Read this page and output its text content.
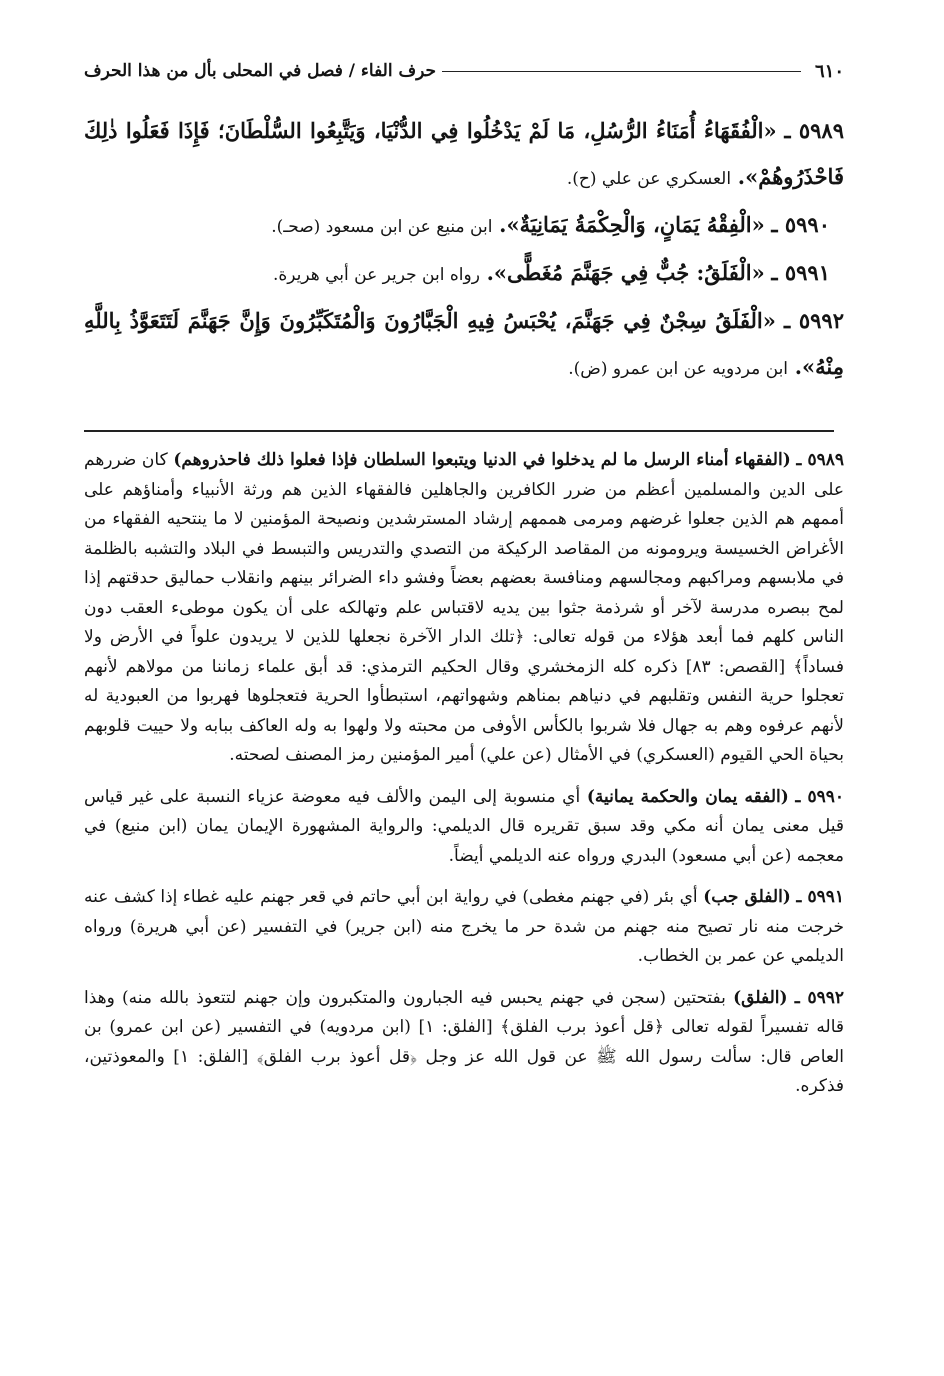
٦١٠
حرف الفاء / فصل في المحلى بأل من هذا الحرف

٥٩٨٩ ـ «الْفُقَهَاءُ أُمَنَاءُ الرُّسُلِ، مَا لَمْ يَدْخُلُوا فِي الدُّنْيَا، وَيَتَّبِعُوا السُّلْطَانَ؛ فَإِذَا فَعَلُوا ذٰلِكَ فَاحْذَرُوهُمْ». العسكري عن علي (ح).

٥٩٩٠ ـ «الْفِقْهُ يَمَانٍ، وَالْحِكْمَةُ يَمَانِيَةٌ». ابن منيع عن ابن مسعود (صحـ).

٥٩٩١ ـ «الْفَلَقُ: جُبٌّ فِي جَهَنَّمَ مُغَطًّى». رواه ابن جرير عن أبي هريرة.

٥٩٩٢ ـ «الْفَلَقُ سِجْنٌ فِي جَهَنَّمَ، يُحْبَسُ فِيهِ الْجَبَّارُونَ وَالْمُتَكَبِّرُونَ وَإِنَّ جَهَنَّمَ لَتَتَعَوَّذُ بِاللَّهِ مِنْهُ». ابن مردويه عن ابن عمرو (ض).

٥٩٨٩ ـ (الفقهاء أمناء الرسل ما لم يدخلوا في الدنيا ويتبعوا السلطان فإذا فعلوا ذلك فاحذروهم) كان ضررهم على الدين والمسلمين أعظم من ضرر الكافرين والجاهلين فالفقهاء الذين هم ورثة الأنبياء وأمناؤهم على أممهم هم الذين جعلوا غرضهم ومرمى هممهم إرشاد المسترشدين ونصيحة المؤمنين لا ما ينتحيه الفقهاء من الأغراض الخسيسة ويرومونه من المقاصد الركيكة من التصدي والتدريس والتبسط في البلاد والتشبه بالظلمة في ملابسهم ومراكبهم ومجالسهم ومنافسة بعضهم بعضاً وفشو داء الضرائر بينهم وانقلاب حماليق حدقتهم إذا لمح ببصره مدرسة لآخر أو شرذمة جثوا بين يديه لاقتباس علم وتهالكه على أن يكون موطىء العقب دون الناس كلهم فما أبعد هؤلاء من قوله تعالى: ﴿تلك الدار الآخرة نجعلها للذين لا يريدون علواً في الأرض ولا فساداً﴾ [القصص: ٨٣] ذكره كله الزمخشري وقال الحكيم الترمذي: قد أبق علماء زماننا من مولاهم لأنهم تعجلوا حرية النفس وتقلبهم في دنياهم بمناهم وشهواتهم، استبطأوا الحرية فتعجلوها فهربوا من العبودية له لأنهم عرفوه وهم به جهال فلا شربوا بالكأس الأوفى من محبته ولا ولهوا به وله العاكف ببابه ولا حييت قلوبهم بحياة الحي القيوم (العسكري) في الأمثال (عن علي) أمير المؤمنين رمز المصنف لصحته.

٥٩٩٠ ـ (الفقه يمان والحكمة يمانية) أي منسوبة إلى اليمن والألف فيه معوضة عزياء النسبة على غير قياس قيل معنى يمان أنه مكي وقد سبق تقريره قال الديلمي: والرواية المشهورة الإيمان يمان (ابن منيع) في معجمه (عن أبي مسعود) البدري ورواه عنه الديلمي أيضاً.

٥٩٩١ ـ (الفلق جب) أي بئر (في جهنم مغطى) في رواية ابن أبي حاتم في قعر جهنم عليه غطاء إذا كشف عنه خرجت منه نار تصيح منه جهنم من شدة حر ما يخرج منه (ابن جرير) في التفسير (عن أبي هريرة) ورواه الديلمي عن عمر بن الخطاب.

٥٩٩٢ ـ (الفلق) بفتحتين (سجن في جهنم يحبس فيه الجبارون والمتكبرون وإن جهنم لتتعوذ بالله منه) وهذا قاله تفسيراً لقوله تعالى ﴿قل أعوذ برب الفلق﴾ [الفلق: ١] (ابن مردويه) في التفسير (عن ابن عمرو) بن العاص قال: سألت رسول الله ﷺ عن قول الله عز وجل ﴿قل أعوذ برب الفلق﴾ [الفلق: ١] والمعوذتين، فذكره.
